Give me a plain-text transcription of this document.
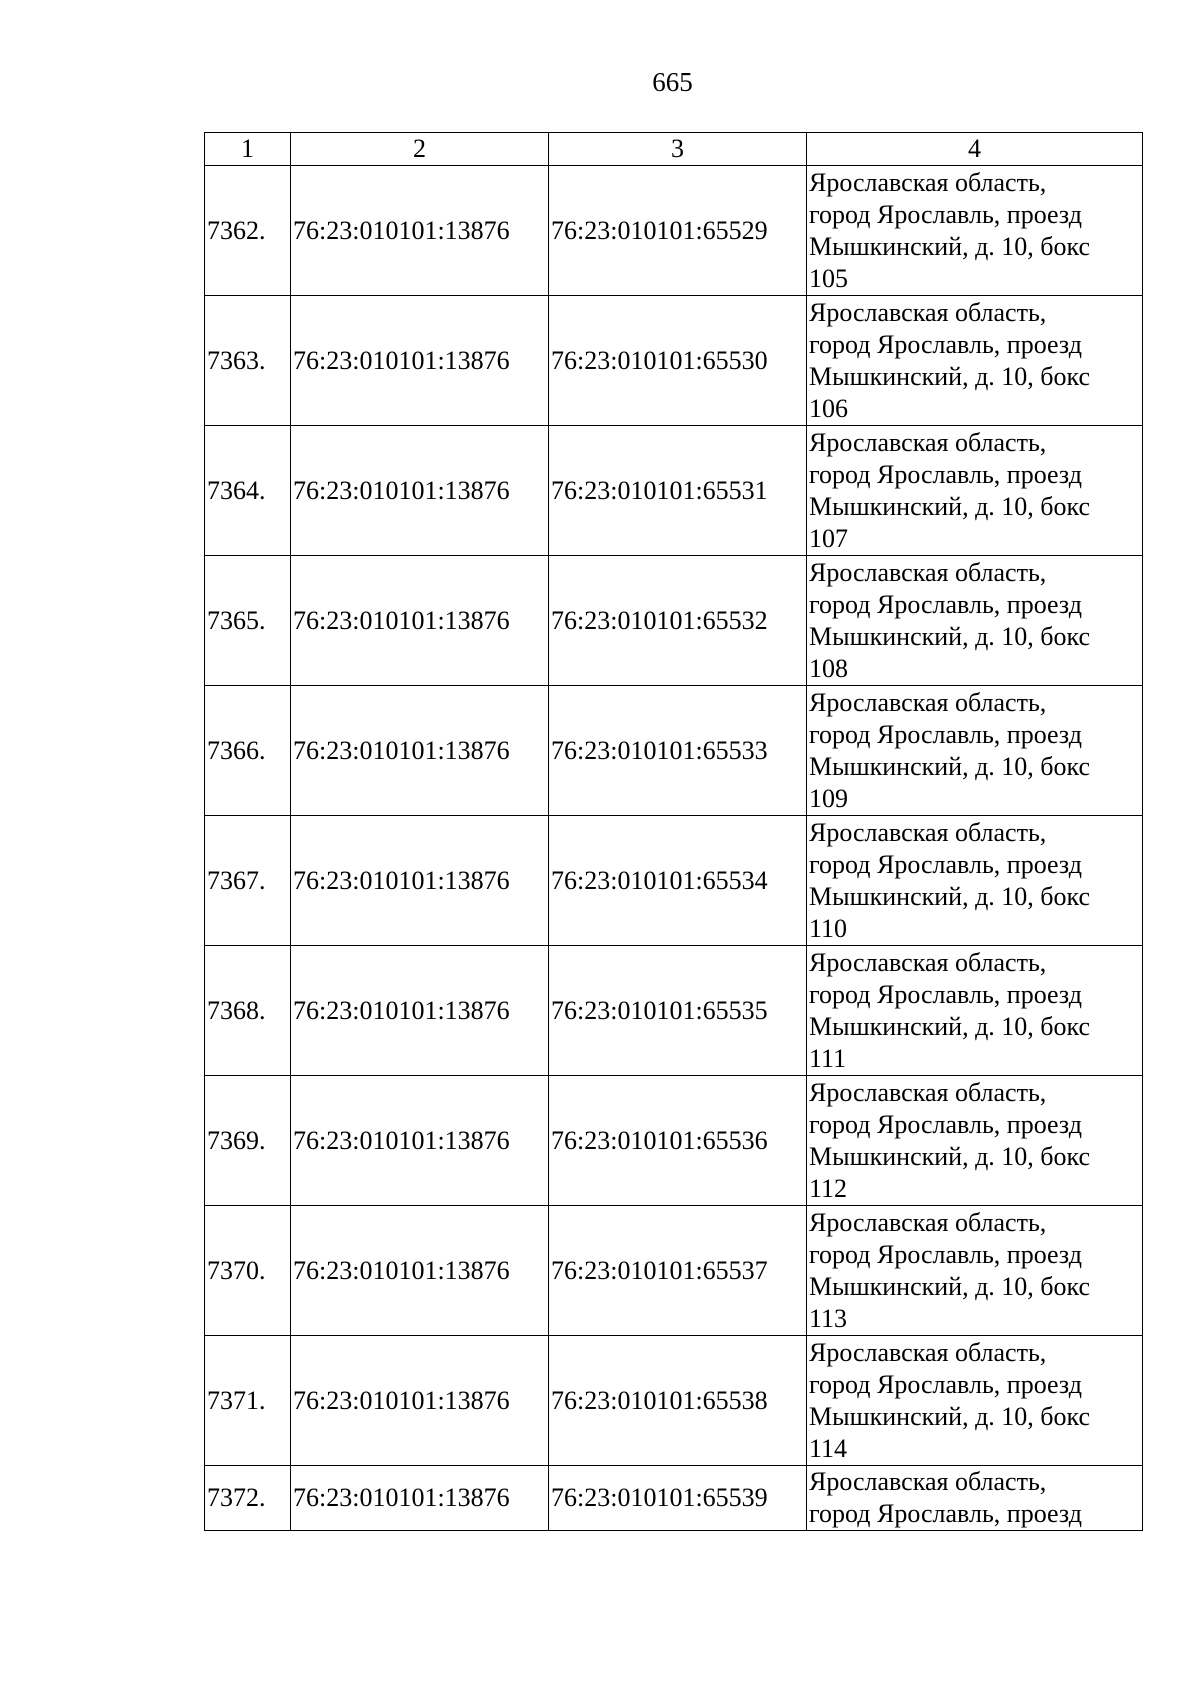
665
1	2	3	4
7362.	76:23:010101:13876	76:23:010101:65529	Ярославская область,
город Ярославль, проезд
Мышкинский, д. 10, бокс
105

7363.	76:23:010101:13876	76:23:010101:65530	Ярославская область,
город Ярославль, проезд
Мышкинский, д. 10, бокс
106

7364.	76:23:010101:13876	76:23:010101:65531	Ярославская область,
город Ярославль, проезд
Мышкинский, д. 10, бокс
107

7365.	76:23:010101:13876	76:23:010101:65532	Ярославская область,
город Ярославль, проезд
Мышкинский, д. 10, бокс
108

7366.	76:23:010101:13876	76:23:010101:65533	Ярославская область,
город Ярославль, проезд
Мышкинский, д. 10, бокс
109

7367.	76:23:010101:13876	76:23:010101:65534	Ярославская область,
город Ярославль, проезд
Мышкинский, д. 10, бокс
110

7368.	76:23:010101:13876	76:23:010101:65535	Ярославская область,
город Ярославль, проезд
Мышкинский, д. 10, бокс
111

7369.	76:23:010101:13876	76:23:010101:65536	Ярославская область,
город Ярославль, проезд
Мышкинский, д. 10, бокс
112

7370.	76:23:010101:13876	76:23:010101:65537	Ярославская область,
город Ярославль, проезд
Мышкинский, д. 10, бокс
113

7371.	76:23:010101:13876	76:23:010101:65538	Ярославская область,
город Ярославль, проезд
Мышкинский, д. 10, бокс
114

7372.	76:23:010101:13876	76:23:010101:65539	Ярославская область,
город Ярославль, проезд
